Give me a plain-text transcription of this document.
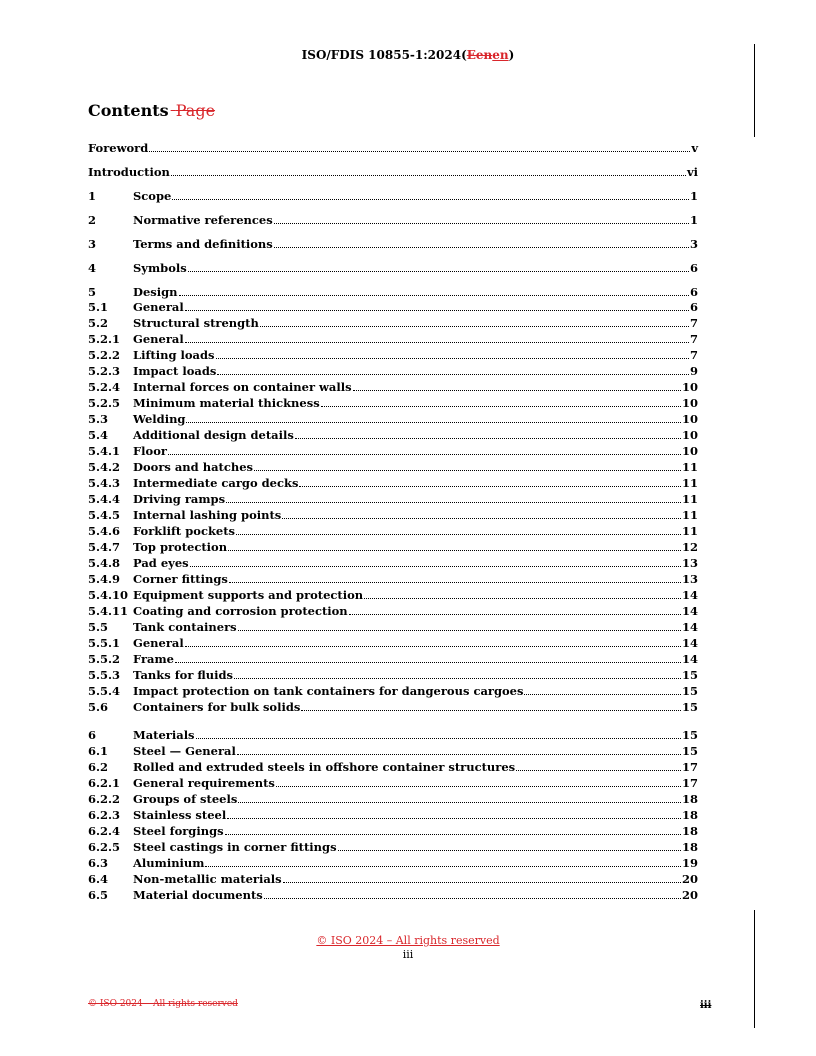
ISO/FDIS 10855-1:2024(Eenen)
Contents Page
Foreword	v
Introduction	vi
1	Scope	1
2	Normative references	1
3	Terms and definitions	3
4	Symbols	6
5	Design	6
5.1	General	6
5.2	Structural strength	7
5.2.1	General	7
5.2.2	Lifting loads	7
5.2.3	Impact loads	9
5.2.4	Internal forces on container walls	10
5.2.5	Minimum material thickness	10
5.3	Welding	10
5.4	Additional design details	10
5.4.1	Floor	10
5.4.2	Doors and hatches	11
5.4.3	Intermediate cargo decks	11
5.4.4	Driving ramps	11
5.4.5	Internal lashing points	11
5.4.6	Forklift pockets	11
5.4.7	Top protection	12
5.4.8	Pad eyes	13
5.4.9	Corner fittings	13
5.4.10 Equipment supports and protection	14
5.4.11 Coating and corrosion protection	14
5.5	Tank containers	14
5.5.1	General	14
5.5.2	Frame	14
5.5.3	Tanks for fluids	15
5.5.4	Impact protection on tank containers for dangerous cargoes	15
5.6	Containers for bulk solids	15
6	Materials	15
6.1	Steel — General	15
6.2	Rolled and extruded steels in offshore container structures	17
6.2.1	General requirements	17
6.2.2	Groups of steels	18
6.2.3	Stainless steel	18
6.2.4	Steel forgings	18
6.2.5	Steel castings in corner fittings	18
6.3	Aluminium	19
6.4	Non-metallic materials	20
6.5	Material documents	20
© ISO 2024 – All rights reserved
iii
© ISO 2024 – All rights reserved	iii
